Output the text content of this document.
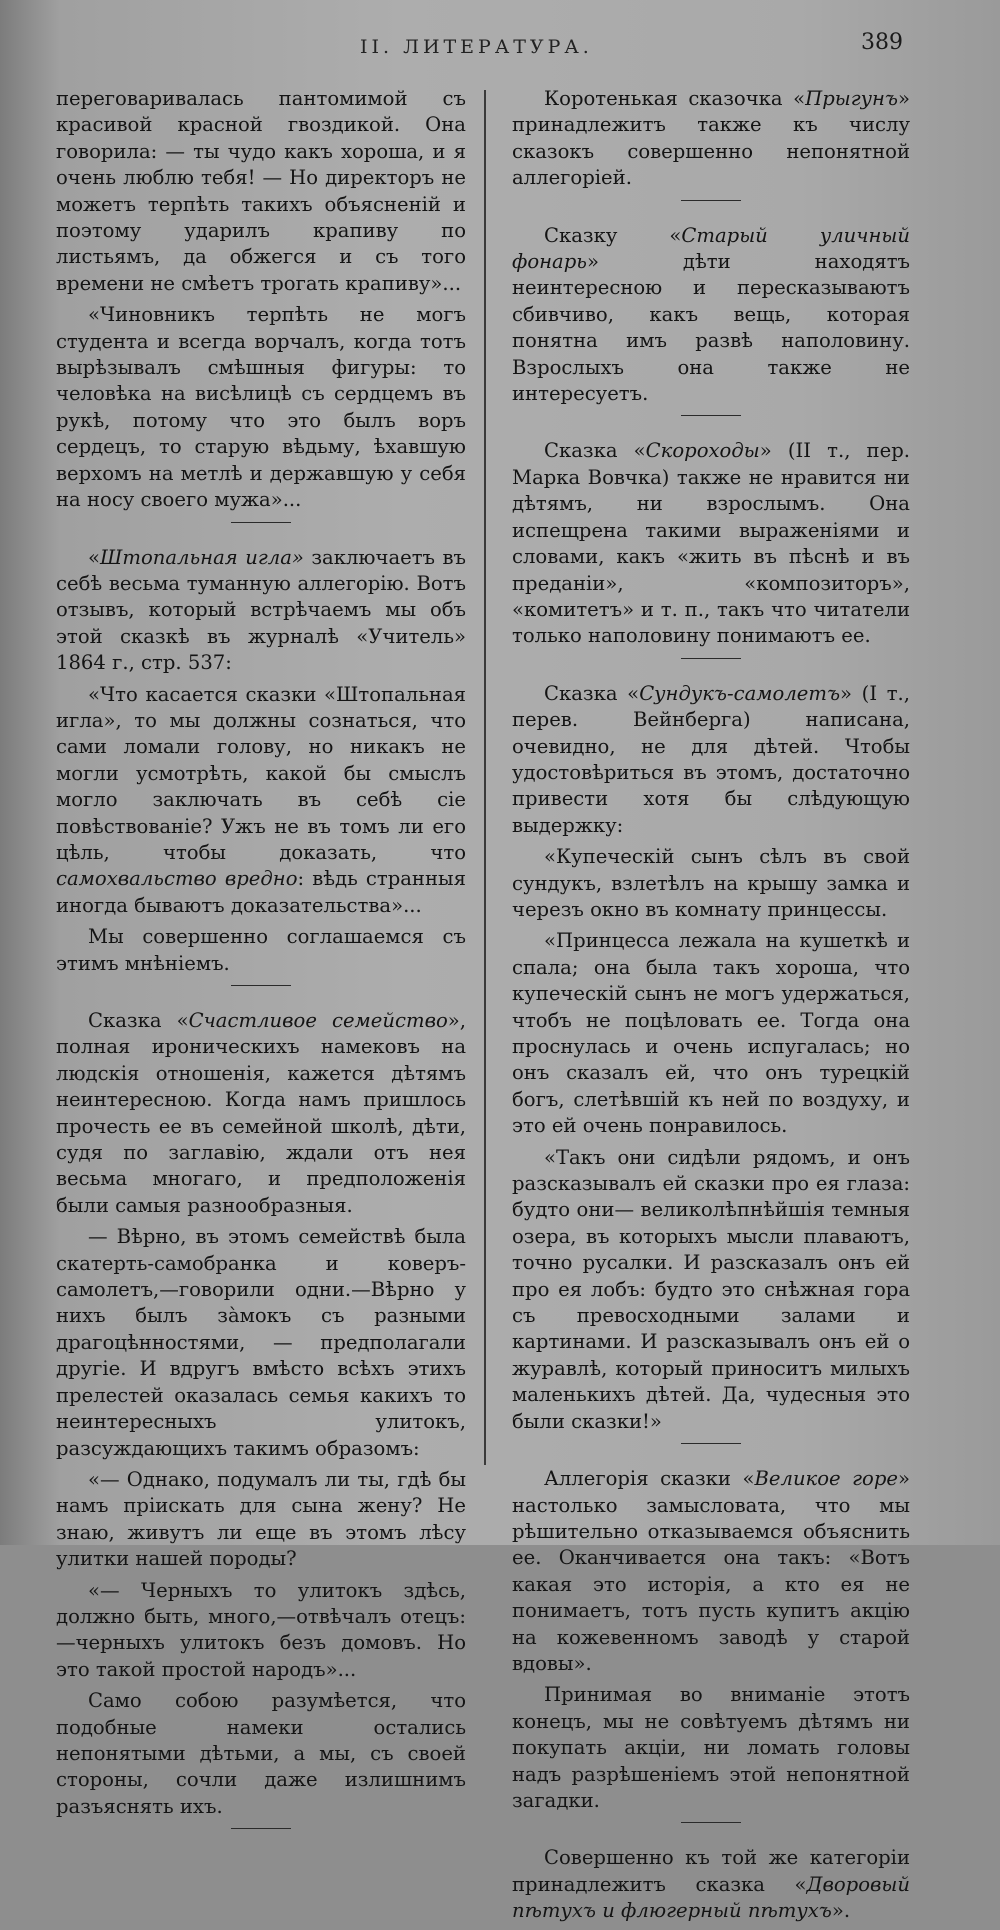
II. ЛИТЕРАТУРА.	389

переговаривалась пантомимой съ красивой красной гвоздикой. Она говорила: — ты чудо какъ хороша, и я очень люблю тебя! — Но директоръ не можетъ терпѣть такихъ объясненій и поэтому ударилъ крапиву по листьямъ, да обжегся и съ того времени не смѣетъ трогать крапиву»...

«Чиновникъ терпѣть не могъ студента и всегда ворчалъ, когда тотъ вырѣзывалъ смѣшныя фигуры: то человѣка на висѣлицѣ съ сердцемъ въ рукѣ, потому что это былъ воръ сердецъ, то старую вѣдьму, ѣхавшую верхомъ на метлѣ и державшую у себя на носу своего мужа»...

«Штопальная игла» заключаетъ въ себѣ весьма туманную аллегорію. Вотъ отзывъ, который встрѣчаемъ мы объ этой сказкѣ въ журналѣ «Учитель» 1864 г., стр. 537:

«Что касается сказки «Штопальная игла», то мы должны сознаться, что сами ломали голову, но никакъ не могли усмотрѣть, какой бы смыслъ могло заключать въ себѣ сіе повѣствованіе? Ужъ не въ томъ ли его цѣль, чтобы доказать, что самохвальство вредно: вѣдь странныя иногда бываютъ доказательства»...

Мы совершенно соглашаемся съ этимъ мнѣніемъ.

Сказка «Счастливое семейство», полная ироническихъ намековъ на людскія отношенія, кажется дѣтямъ неинтересною. Когда намъ пришлось прочесть ее въ семейной школѣ, дѣти, судя по заглавію, ждали отъ нея весьма многаго, и предположенія были самыя разнообразныя.

— Вѣрно, въ этомъ семействѣ была скатерть-самобранка и коверъ-самолетъ,—говорили одни.—Вѣрно у нихъ былъ за̀мокъ съ разными драгоцѣнностями, — предполагали другіе. И вдругъ вмѣсто всѣхъ этихъ прелестей оказалась семья какихъ то неинтересныхъ улитокъ, разсуждающихъ такимъ образомъ:

«— Однако, подумалъ ли ты, гдѣ бы намъ пріискать для сына жену? Не знаю, живутъ ли еще въ этомъ лѣсу улитки нашей породы?

«— Черныхъ то улитокъ здѣсь, должно быть, много,—отвѣчалъ отецъ:—черныхъ улитокъ безъ домовъ. Но это такой простой народъ»...

Само собою разумѣется, что подобные намеки остались непонятыми дѣтьми, а мы, съ своей стороны, сочли даже излишнимъ разъяснять ихъ.

Коротенькая сказочка «Прыгунъ» принадлежитъ также къ числу сказокъ совершенно непонятной аллегоріей.

Сказку «Старый уличный фонарь» дѣти находятъ неинтересною и пересказываютъ сбивчиво, какъ вещь, которая понятна имъ развѣ наполовину. Взрослыхъ она также не интересуетъ.

Сказка «Скороходы» (II т., пер. Марка Вовчка) также не нравится ни дѣтямъ, ни взрослымъ. Она испещрена такими выраженіями и словами, какъ «жить въ пѣснѣ и въ преданіи», «композиторъ», «комитетъ» и т. п., такъ что читатели только наполовину понимаютъ ее.

Сказка «Сундукъ-самолетъ» (I т., перев. Вейнберга) написана, очевидно, не для дѣтей. Чтобы удостовѣриться въ этомъ, достаточно привести хотя бы слѣдующую выдержку:

«Купеческій сынъ сѣлъ въ свой сундукъ, взлетѣлъ на крышу замка и черезъ окно въ комнату принцессы.

«Принцесса лежала на кушеткѣ и спала; она была такъ хороша, что купеческій сынъ не могъ удержаться, чтобъ не поцѣловать ее. Тогда она проснулась и очень испугалась; но онъ сказалъ ей, что онъ турецкій богъ, слетѣвшій къ ней по воздуху, и это ей очень понравилось.

«Такъ они сидѣли рядомъ, и онъ разсказывалъ ей сказки про ея глаза: будто они— великолѣпнѣйшія темныя озера, въ которыхъ мысли плаваютъ, точно русалки. И разсказалъ онъ ей про ея лобъ: будто это снѣжная гора съ превосходными залами и картинами. И разсказывалъ онъ ей о журавлѣ, который приноситъ милыхъ маленькихъ дѣтей. Да, чудесныя это были сказки!»

Аллегорія сказки «Великое горе» настолько замысловата, что мы рѣшительно отказываемся объяснить ее. Оканчивается она такъ: «Вотъ какая это исторія, а кто ея не понимаетъ, тотъ пусть купитъ акцію на кожевенномъ заводѣ у старой вдовы».

Принимая во вниманіе этотъ конецъ, мы не совѣтуемъ дѣтямъ ни покупать акціи, ни ломать головы надъ разрѣшеніемъ этой непонятной загадки.

Совершенно къ той же категоріи принадлежитъ сказка «Дворовый пѣтухъ и флюгерный пѣтухъ».
